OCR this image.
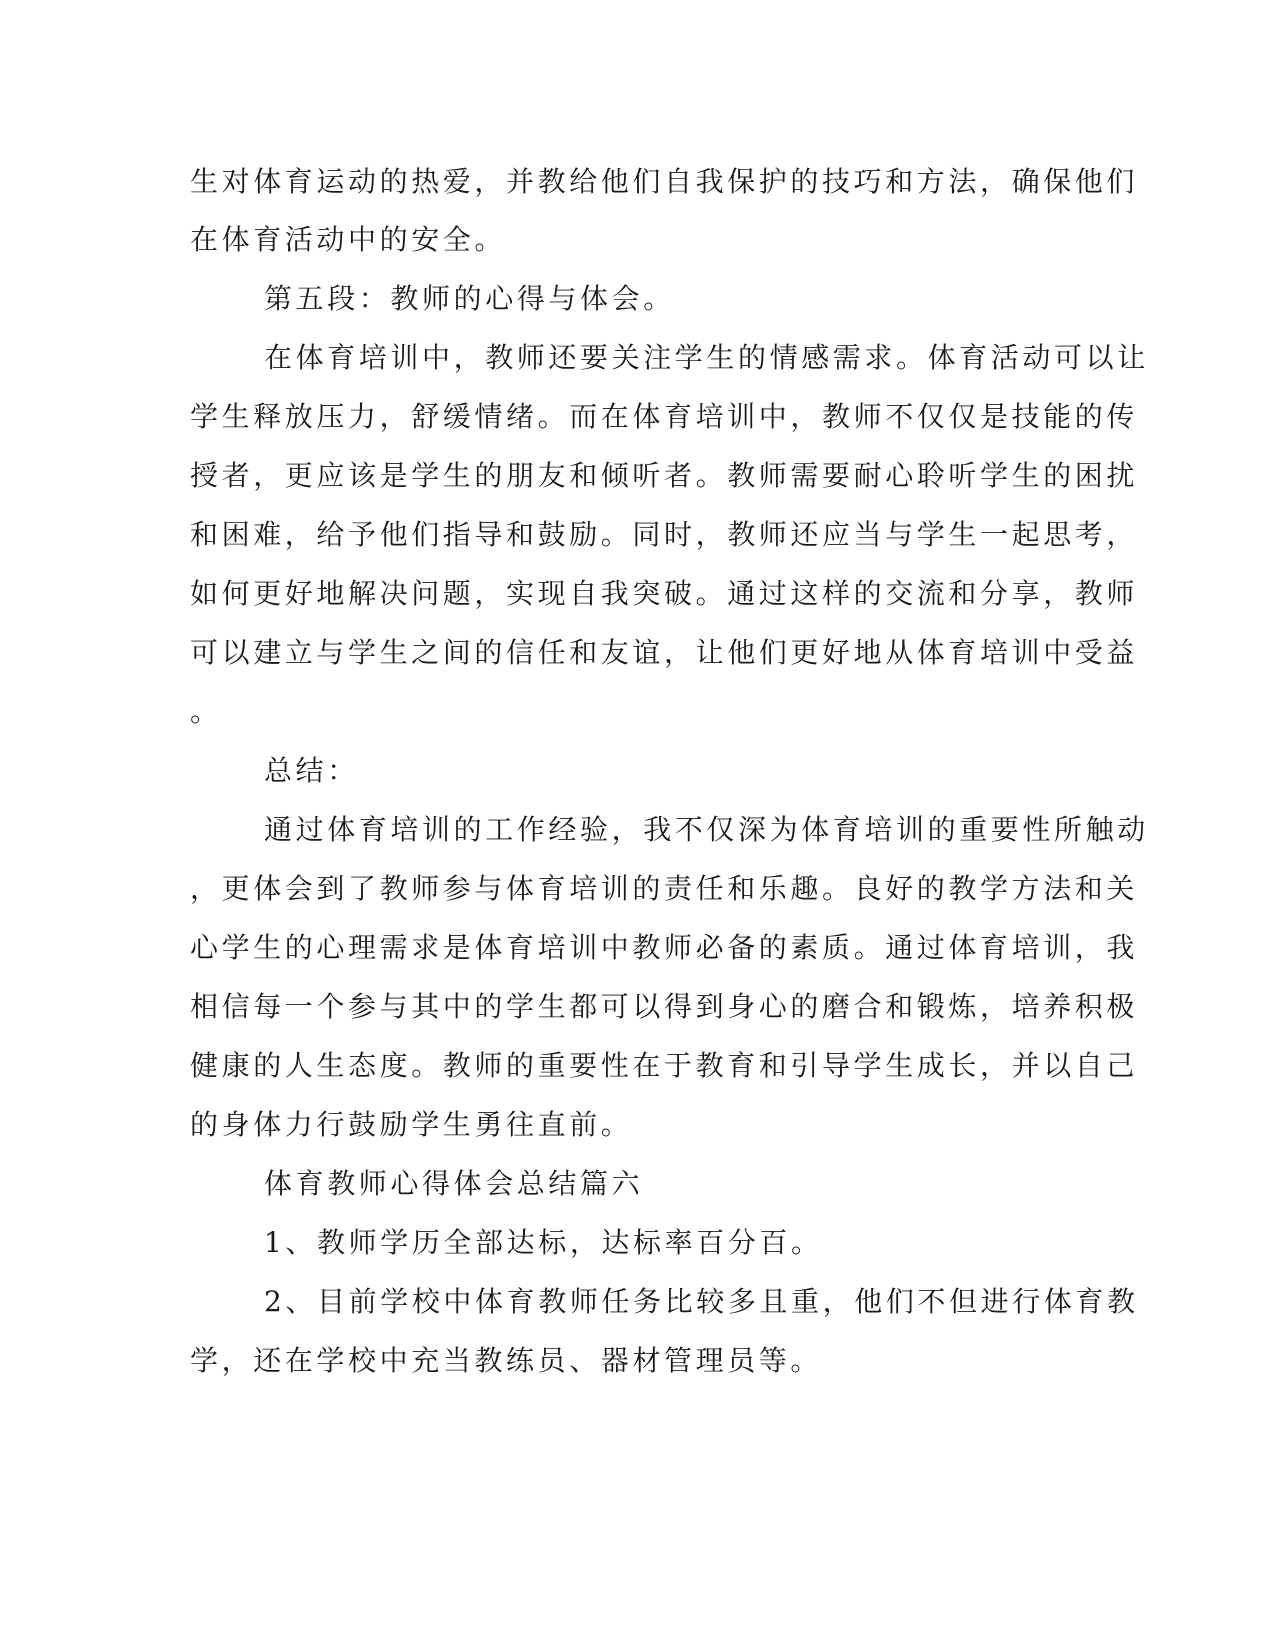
生对体育运动的热爱，并教给他们自我保护的技巧和方法，确保他们
在体育活动中的安全。
第五段：教师的心得与体会。
在体育培训中，教师还要关注学生的情感需求。体育活动可以让
学生释放压力，舒缓情绪。而在体育培训中，教师不仅仅是技能的传
授者，更应该是学生的朋友和倾听者。教师需要耐心聆听学生的困扰
和困难，给予他们指导和鼓励。同时，教师还应当与学生一起思考，
如何更好地解决问题，实现自我突破。通过这样的交流和分享，教师
可以建立与学生之间的信任和友谊，让他们更好地从体育培训中受益
。
总结：
通过体育培训的工作经验，我不仅深为体育培训的重要性所触动
，更体会到了教师参与体育培训的责任和乐趣。良好的教学方法和关
心学生的心理需求是体育培训中教师必备的素质。通过体育培训，我
相信每一个参与其中的学生都可以得到身心的磨合和锻炼，培养积极
健康的人生态度。教师的重要性在于教育和引导学生成长，并以自己
的身体力行鼓励学生勇往直前。
体育教师心得体会总结篇六
1、教师学历全部达标，达标率百分百。
2、目前学校中体育教师任务比较多且重，他们不但进行体育教
学，还在学校中充当教练员、器材管理员等。
